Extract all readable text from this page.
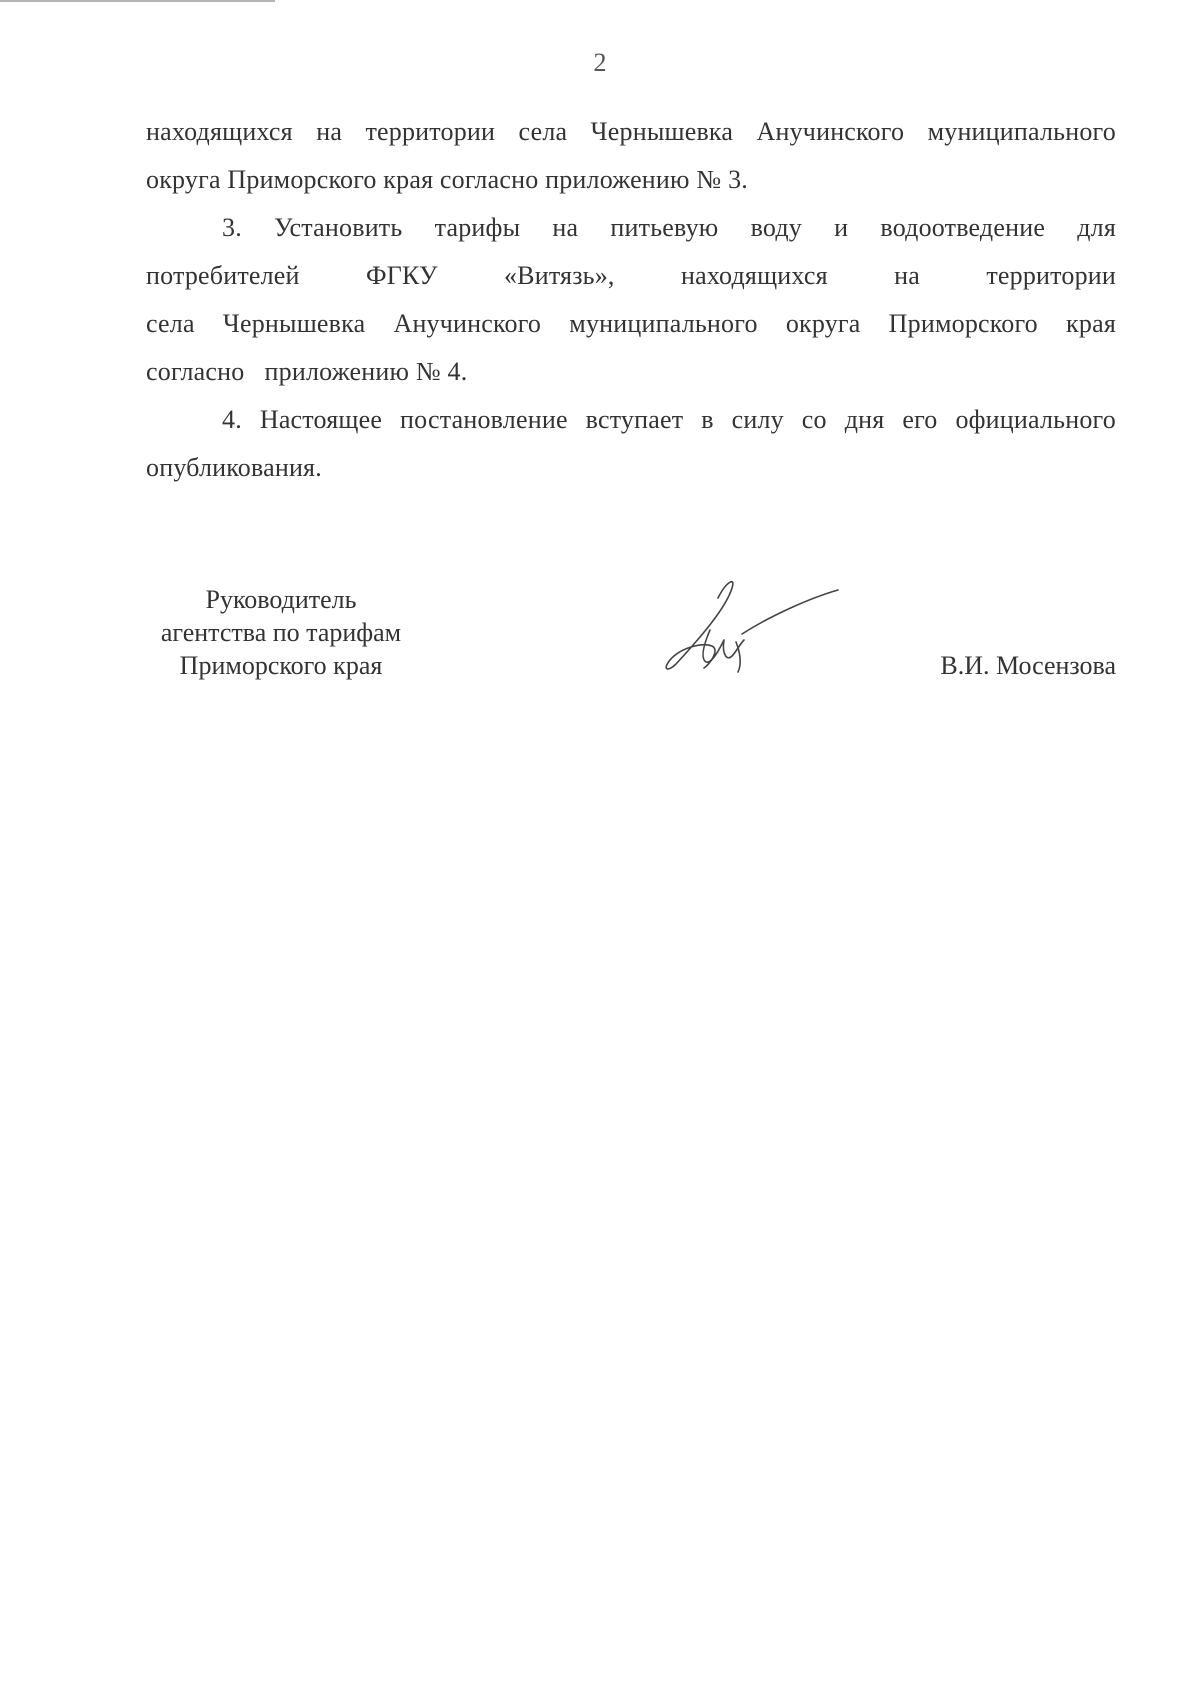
2
находящихся на территории села Чернышевка Анучинского муниципального
округа Приморского края согласно приложению № 3.
3. Установить тарифы на питьевую воду и водоотведение для
потребителей	ФГКУ	«Витязь»,	находящихся	на	территории
села Чернышевка Анучинского муниципального округа Приморского края
согласно   приложению № 4.
4. Настоящее постановление вступает в силу со дня его официального
опубликования.
Руководитель
агентства по тарифам
Приморского края	В.И. Мосензова
